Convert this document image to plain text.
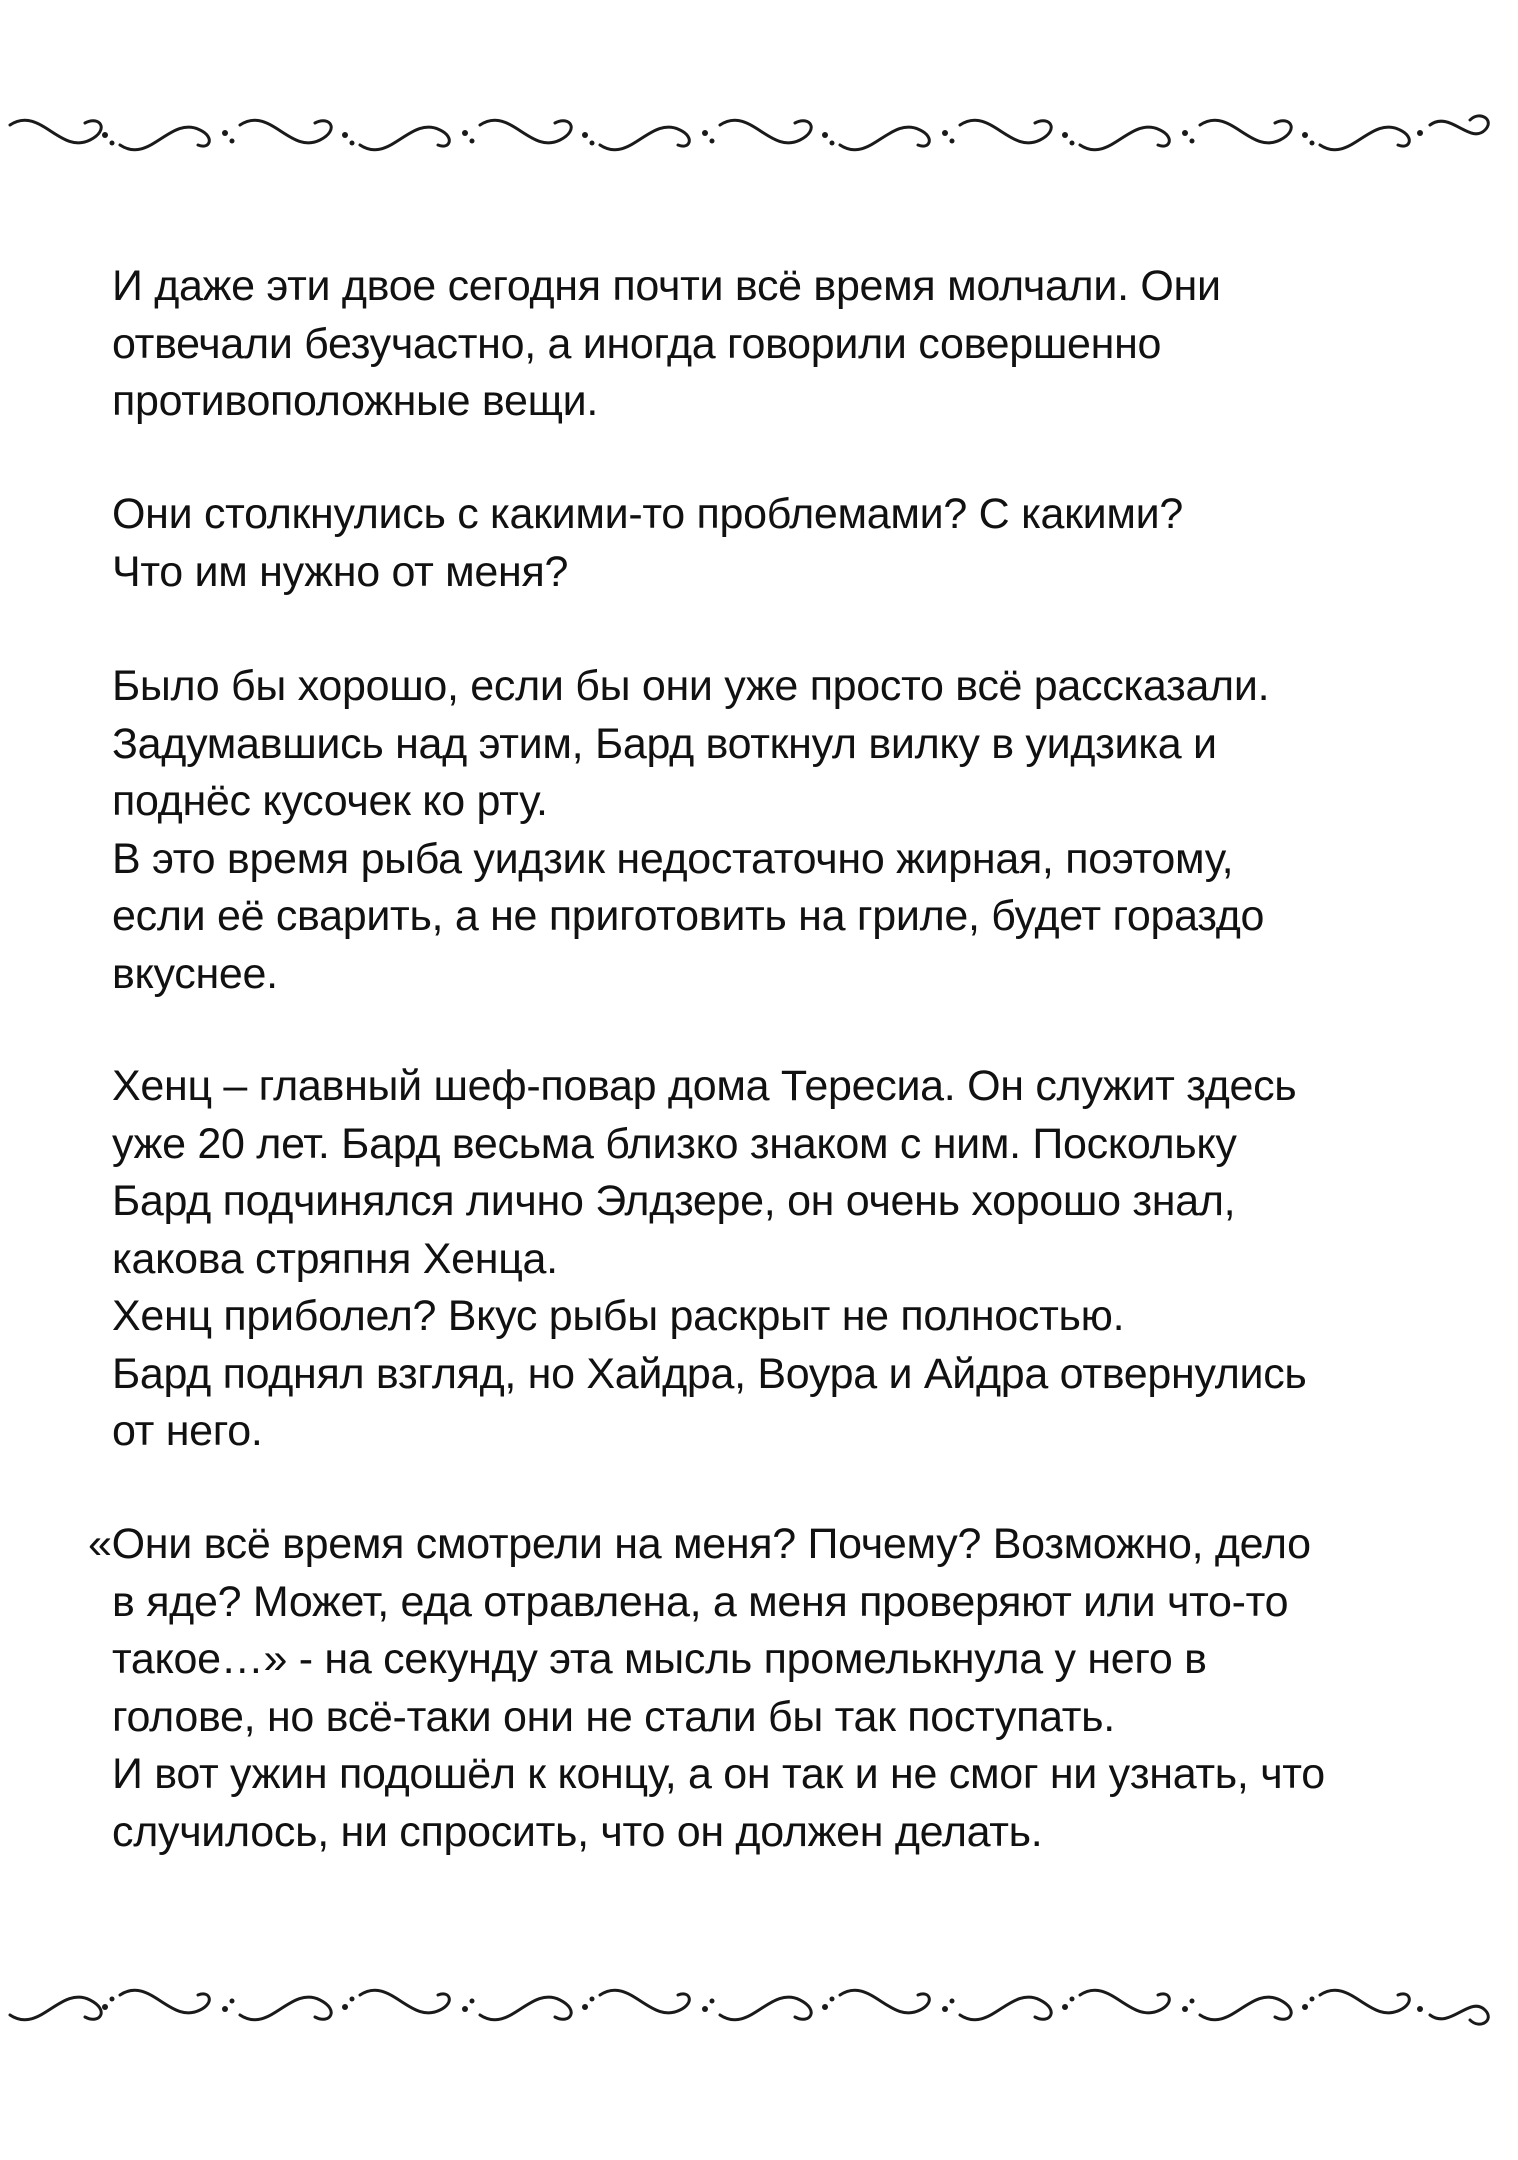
И даже эти двое сегодня почти всё время молчали. Они
отвечали безучастно, а иногда говорили совершенно
противоположные вещи.

Они столкнулись с какими-то проблемами? С какими?
Что им нужно от меня?

Было бы хорошо, если бы они уже просто всё рассказали.
Задумавшись над этим, Бард воткнул вилку в уидзика и
поднёс кусочек ко рту.
В это время рыба уидзик недостаточно жирная, поэтому,
если её сварить, а не приготовить на гриле, будет гораздо
вкуснее.

Хенц – главный шеф-повар дома Тересиа. Он служит здесь
уже 20 лет. Бард весьма близко знаком с ним. Поскольку
Бард подчинялся лично Элдзере, он очень хорошо знал,
какова стряпня Хенца.
Хенц приболел? Вкус рыбы раскрыт не полностью.
Бард поднял взгляд, но Хайдра, Воура и Айдра отвернулись
от него.

«Они всё время смотрели на меня? Почему? Возможно, дело
в яде? Может, еда отравлена, а меня проверяют или что-то
такое…» - на секунду эта мысль промелькнула у него в
голове, но всё-таки они не стали бы так поступать.
И вот ужин подошёл к концу, а он так и не смог ни узнать, что
случилось, ни спросить, что он должен делать.
